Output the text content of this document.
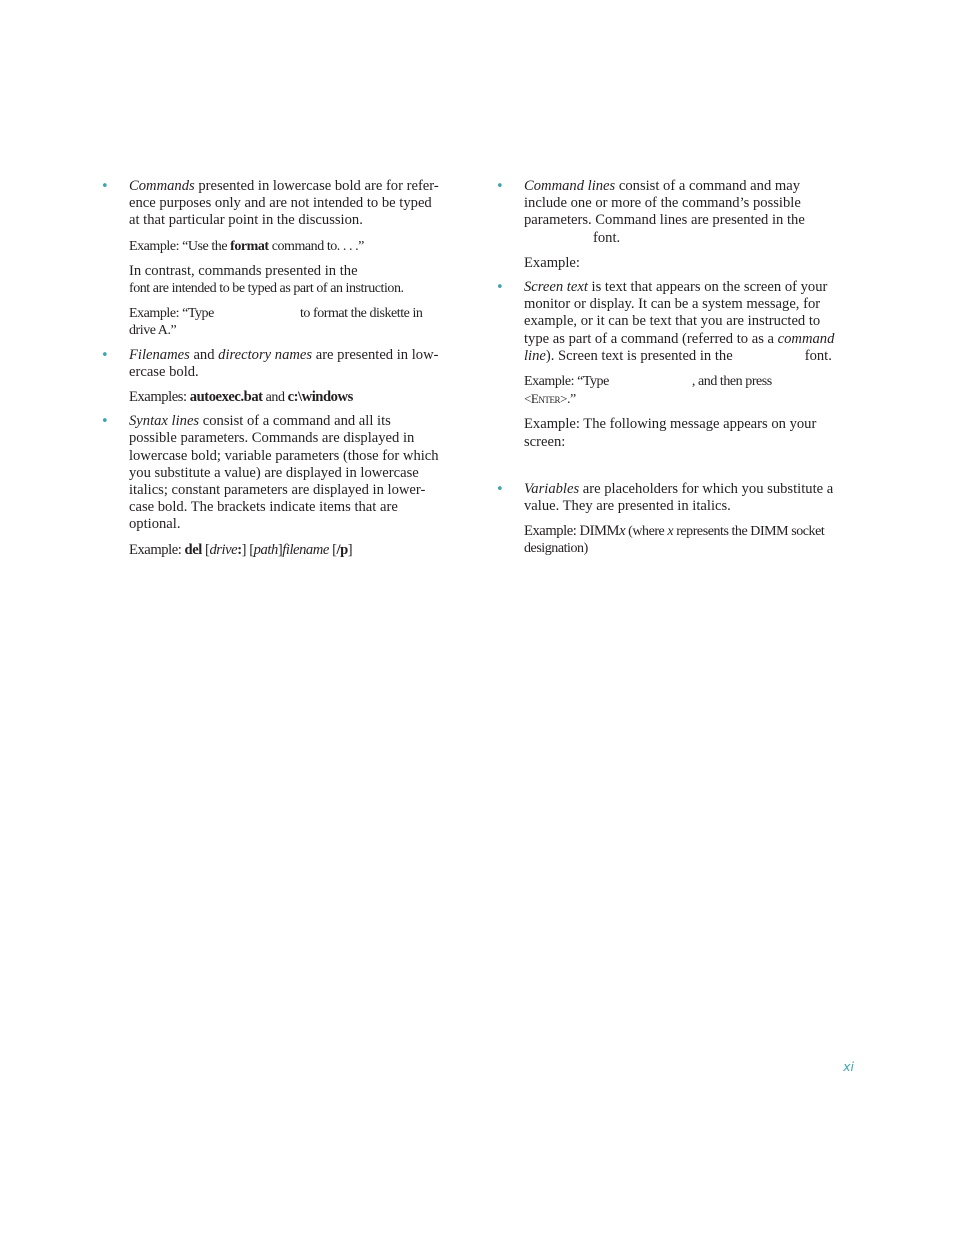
• Commands presented in lowercase bold are for refer-
ence purposes only and are not intended to be typed
at that particular point in the discussion.

Example: “Use the format command to. . . .”

In contrast, commands presented in the
font are intended to be typed as part of an instruction.

Example: “Type	to format the diskette in
drive A.”

• Filenames and directory names are presented in low-
ercase bold.

Examples: autoexec.bat and c:\windows

• Syntax lines consist of a command and all its
possible parameters. Commands are displayed in
lowercase bold; variable parameters (those for which
you substitute a value) are displayed in lowercase
italics; constant parameters are displayed in lower-
case bold. The brackets indicate items that are
optional.

Example: del [drive:] [path]filename [/p]

• Command lines consist of a command and may
include one or more of the command’s possible
parameters. Command lines are presented in the
font.

Example:

• Screen text is text that appears on the screen of your
monitor or display. It can be a system message, for
example, or it can be text that you are instructed to
type as part of a command (referred to as a command
line). Screen text is presented in the	font.

Example: “Type	, and then press
<Enter>.”

Example: The following message appears on your
screen:

• Variables are placeholders for which you substitute a
value. They are presented in italics.

Example: DIMMx (where x represents the DIMM socket
designation)

xi
